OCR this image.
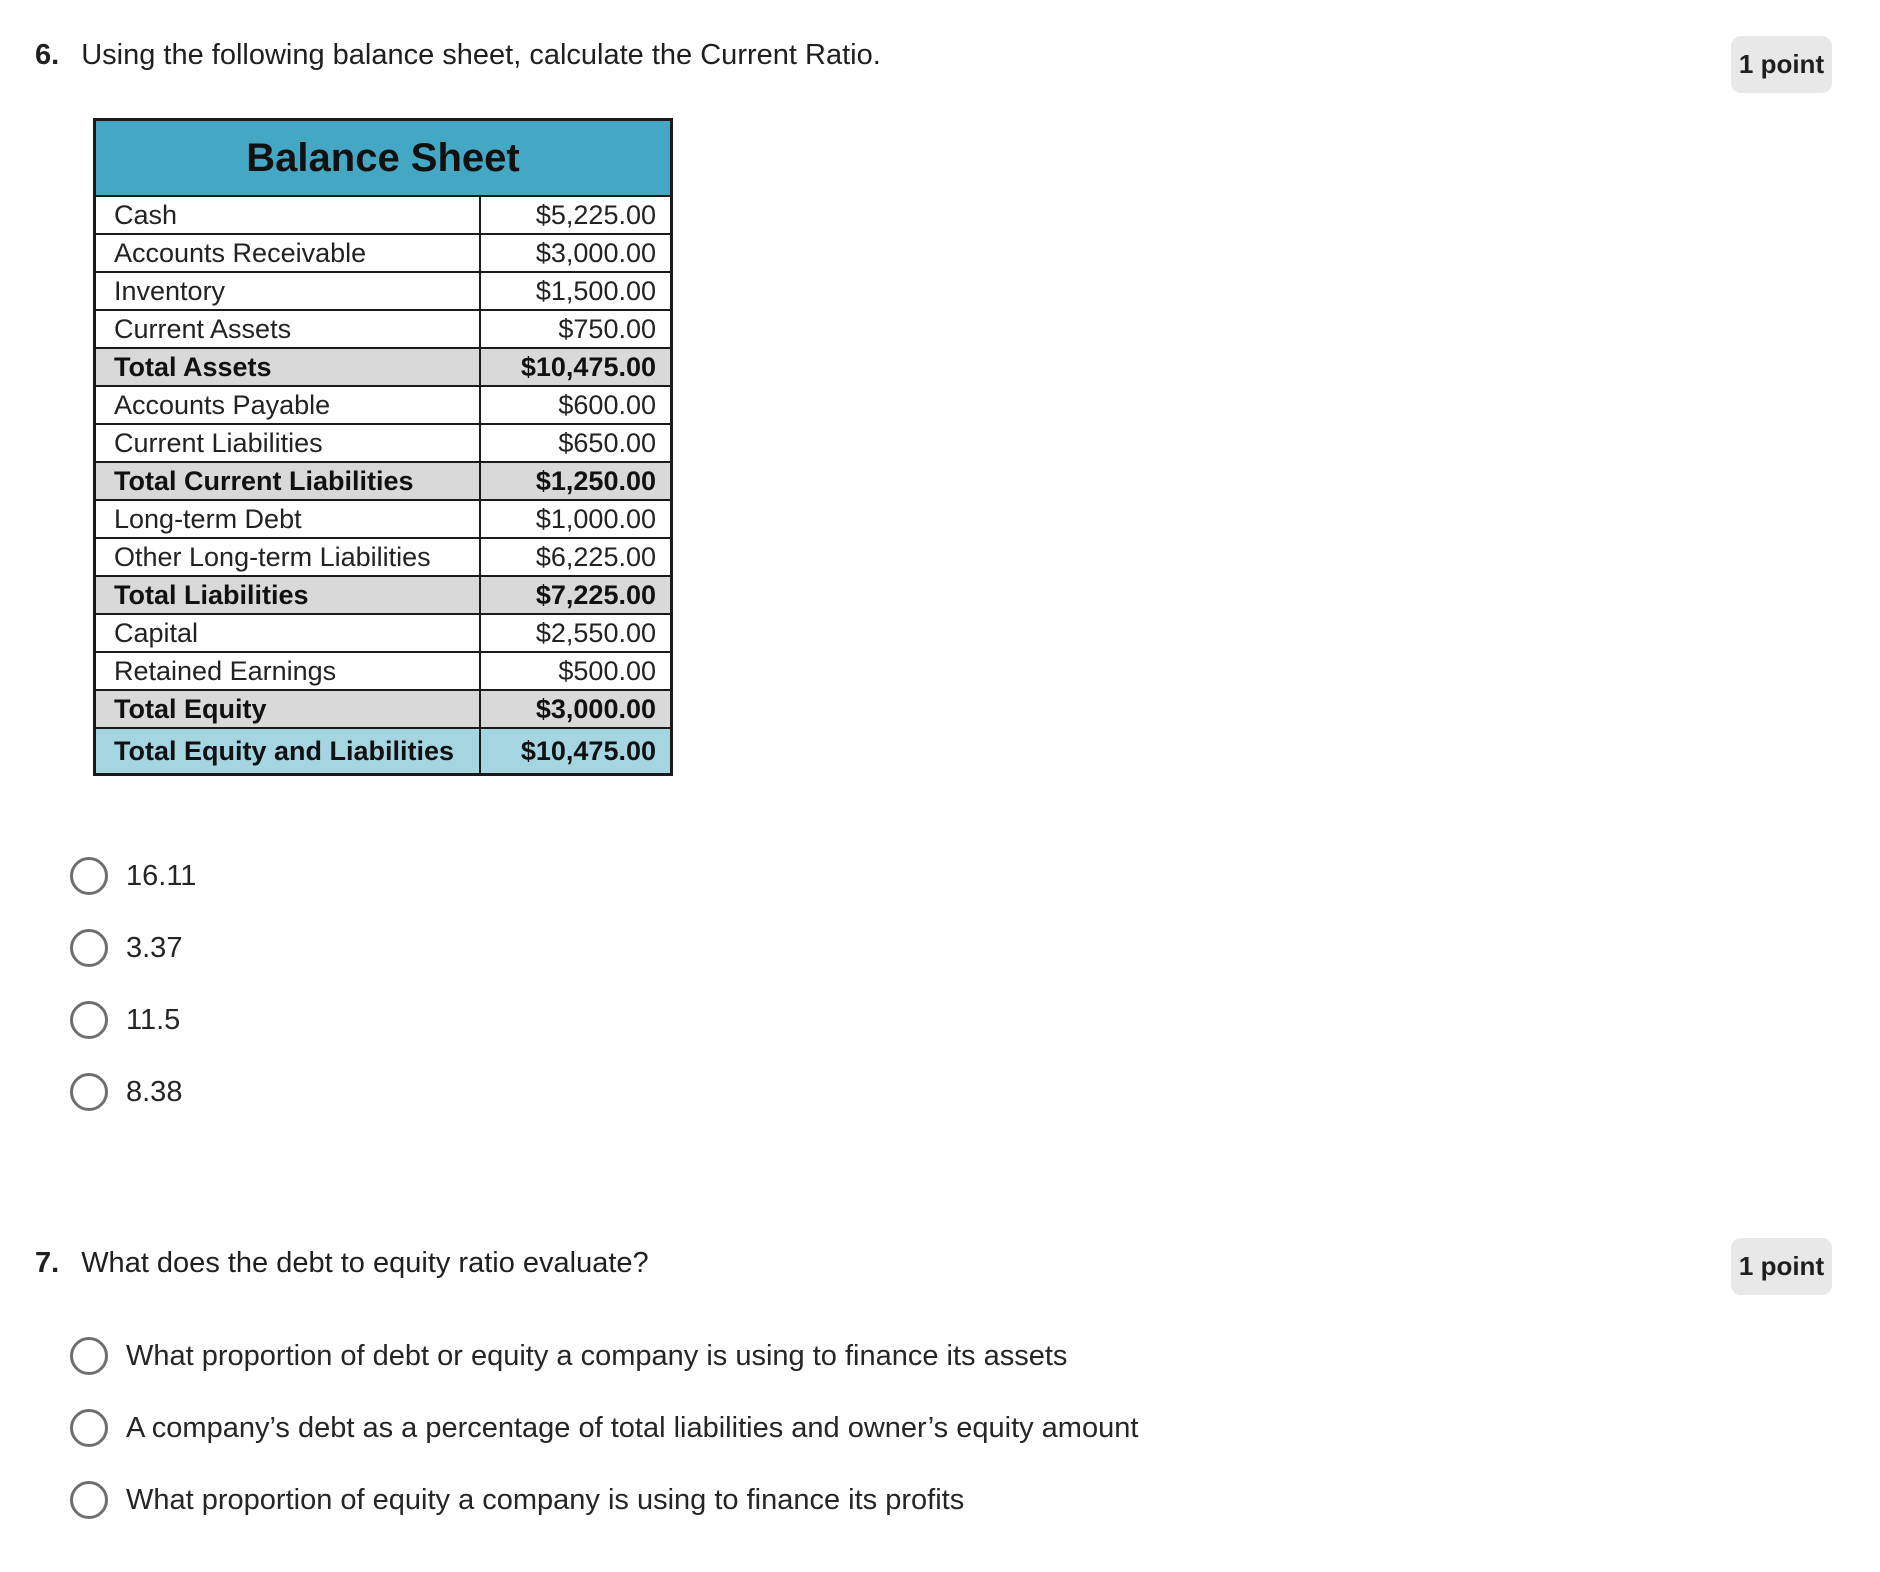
6. Using the following balance sheet, calculate the Current Ratio.	1 point
Balance Sheet	
Cash	$5,225.00
Accounts Receivable	$3,000.00
Inventory	$1,500.00
Current Assets	$750.00
Total Assets	$10,475.00
Accounts Payable	$600.00
Current Liabilities	$650.00
Total Current Liabilities	$1,250.00
Long-term Debt	$1,000.00
Other Long-term Liabilities	$6,225.00
Total Liabilities	$7,225.00
Capital	$2,550.00
Retained Earnings	$500.00
Total Equity	$3,000.00
Total Equity and Liabilities	$10,475.00
16.11
3.37
11.5
8.38
7. What does the debt to equity ratio evaluate?	1 point
What proportion of debt or equity a company is using to finance its assets
A company’s debt as a percentage of total liabilities and owner’s equity amount
What proportion of equity a company is using to finance its profits
